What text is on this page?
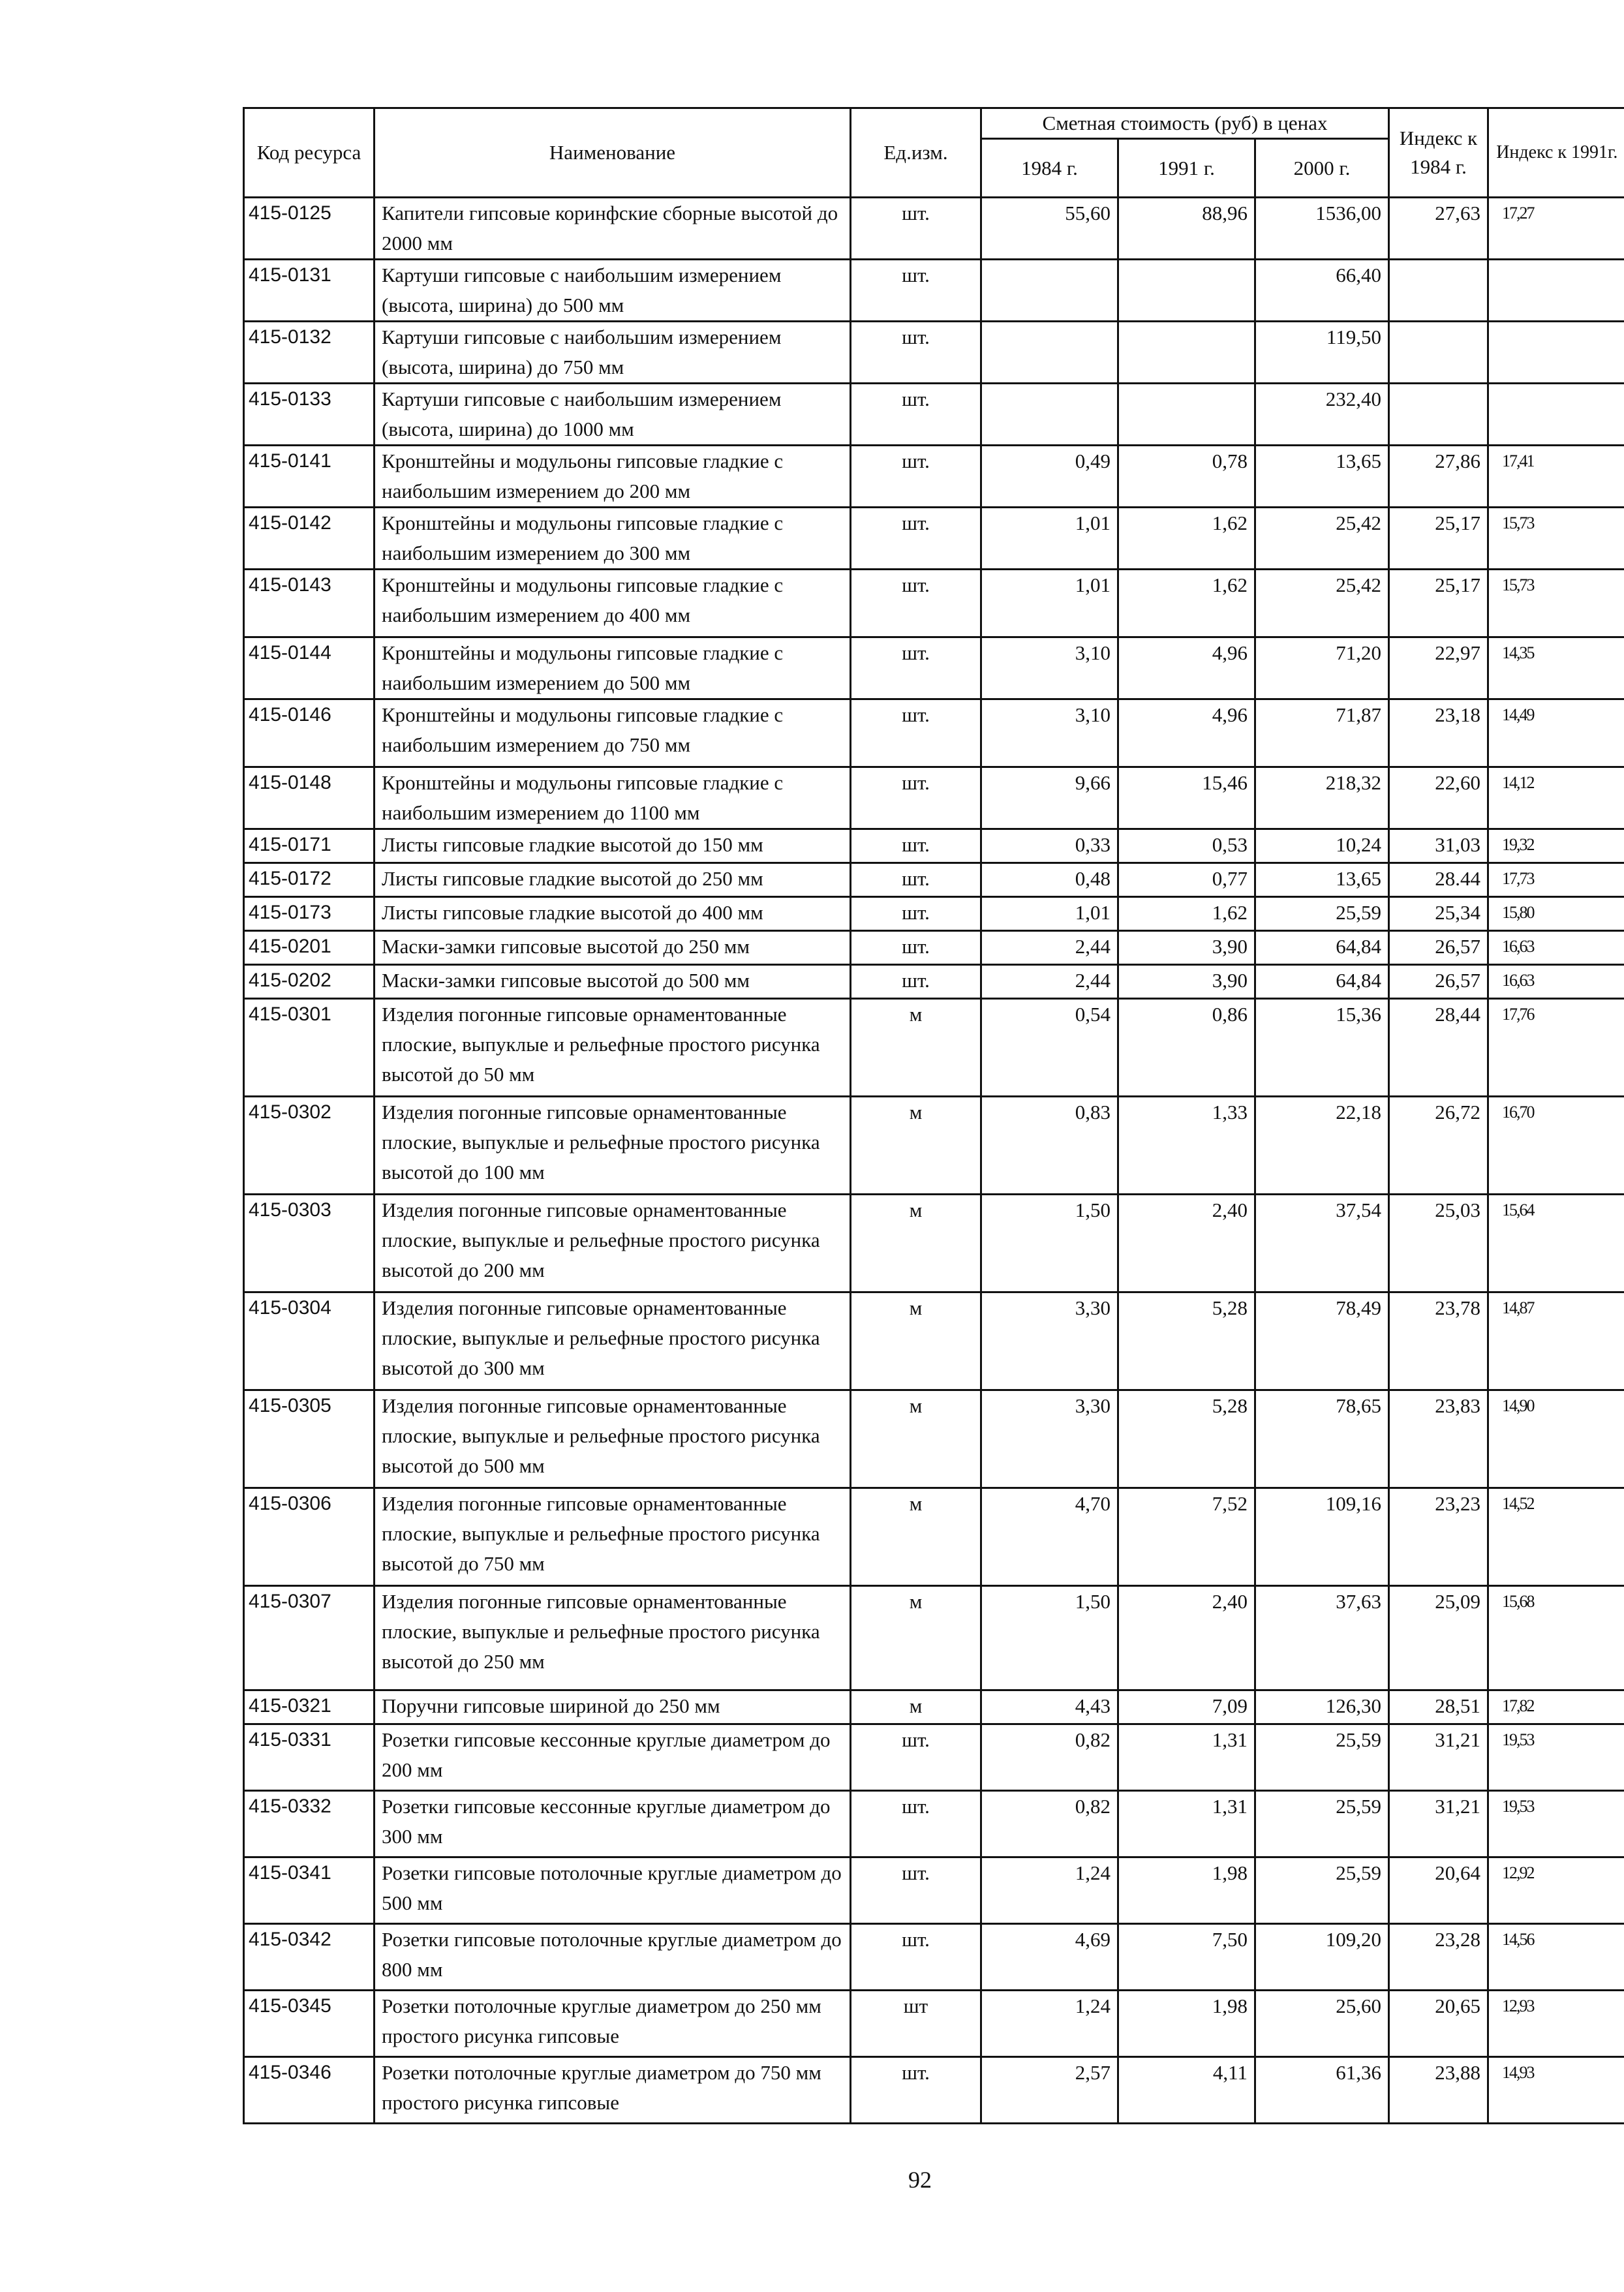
Код ресурса	Наименование	Ед.изм.	Сметная стоимость (руб) в ценах			Индекс к 1984 г.	Индекс к 1991г.
			1984 г.	1991 г.	2000 г.		
415-0125	Капители гипсовые коринфские сборные высотой до 2000 мм	шт.	55,60	88,96	1536,00	27,63	17,27
415-0131	Картуши гипсовые с наибольшим измерением (высота, ширина) до 500 мм	шт.			66,40		
415-0132	Картуши гипсовые с наибольшим измерением (высота, ширина) до 750 мм	шт.			119,50		
415-0133	Картуши гипсовые с наибольшим измерением (высота, ширина) до 1000 мм	шт.			232,40		
415-0141	Кронштейны и модульоны гипсовые гладкие с наибольшим измерением до 200 мм	шт.	0,49	0,78	13,65	27,86	17,41
415-0142	Кронштейны и модульоны гипсовые гладкие с наибольшим измерением до 300 мм	шт.	1,01	1,62	25,42	25,17	15,73
415-0143	Кронштейны и модульоны гипсовые гладкие с наибольшим измерением до 400 мм	шт.	1,01	1,62	25,42	25,17	15,73
415-0144	Кронштейны и модульоны гипсовые гладкие с наибольшим измерением до 500 мм	шт.	3,10	4,96	71,20	22,97	14,35
415-0146	Кронштейны и модульоны гипсовые гладкие с наибольшим измерением до 750 мм	шт.	3,10	4,96	71,87	23,18	14,49
415-0148	Кронштейны и модульоны гипсовые гладкие с наибольшим измерением до 1100 мм	шт.	9,66	15,46	218,32	22,60	14,12
415-0171	Листы гипсовые гладкие высотой до 150 мм	шт.	0,33	0,53	10,24	31,03	19,32
415-0172	Листы гипсовые гладкие высотой до 250 мм	шт.	0,48	0,77	13,65	28.44	17,73
415-0173	Листы гипсовые гладкие высотой до 400 мм	шт.	1,01	1,62	25,59	25,34	15,80
415-0201	Маски-замки гипсовые высотой до 250 мм	шт.	2,44	3,90	64,84	26,57	16,63
415-0202	Маски-замки гипсовые высотой до 500 мм	шт.	2,44	3,90	64,84	26,57	16,63
415-0301	Изделия погонные гипсовые орнаментованные плоские, выпуклые и рельефные простого рисунка высотой до 50 мм	м	0,54	0,86	15,36	28,44	17,76
415-0302	Изделия погонные гипсовые орнаментованные плоские, выпуклые и рельефные простого рисунка высотой до 100 мм	м	0,83	1,33	22,18	26,72	16,70
415-0303	Изделия погонные гипсовые орнаментованные плоские, выпуклые и рельефные простого рисунка высотой до 200 мм	м	1,50	2,40	37,54	25,03	15,64
415-0304	Изделия погонные гипсовые орнаментованные плоские, выпуклые и рельефные простого рисунка высотой до 300 мм	м	3,30	5,28	78,49	23,78	14,87
415-0305	Изделия погонные гипсовые орнаментованные плоские, выпуклые и рельефные простого рисунка высотой до 500 мм	м	3,30	5,28	78,65	23,83	14,90
415-0306	Изделия погонные гипсовые орнаментованные плоские, выпуклые и рельефные простого рисунка высотой до 750 мм	м	4,70	7,52	109,16	23,23	14,52
415-0307	Изделия погонные гипсовые орнаментованные плоские, выпуклые и рельефные простого рисунка высотой до 250 мм	м	1,50	2,40	37,63	25,09	15,68
415-0321	Поручни гипсовые шириной до 250 мм	м	4,43	7,09	126,30	28,51	17,82
415-0331	Розетки гипсовые кессонные круглые диаметром до 200 мм	шт.	0,82	1,31	25,59	31,21	19,53
415-0332	Розетки гипсовые кессонные круглые диаметром до 300 мм	шт.	0,82	1,31	25,59	31,21	19,53
415-0341	Розетки гипсовые потолочные круглые диаметром до 500 мм	шт.	1,24	1,98	25,59	20,64	12,92
415-0342	Розетки гипсовые потолочные круглые диаметром до 800 мм	шт.	4,69	7,50	109,20	23,28	14,56
415-0345	Розетки потолочные круглые диаметром до 250 мм простого рисунка гипсовые	шт	1,24	1,98	25,60	20,65	12,93
415-0346	Розетки потолочные круглые диаметром до 750 мм простого рисунка гипсовые	шт.	2,57	4,11	61,36	23,88	14,93
92
